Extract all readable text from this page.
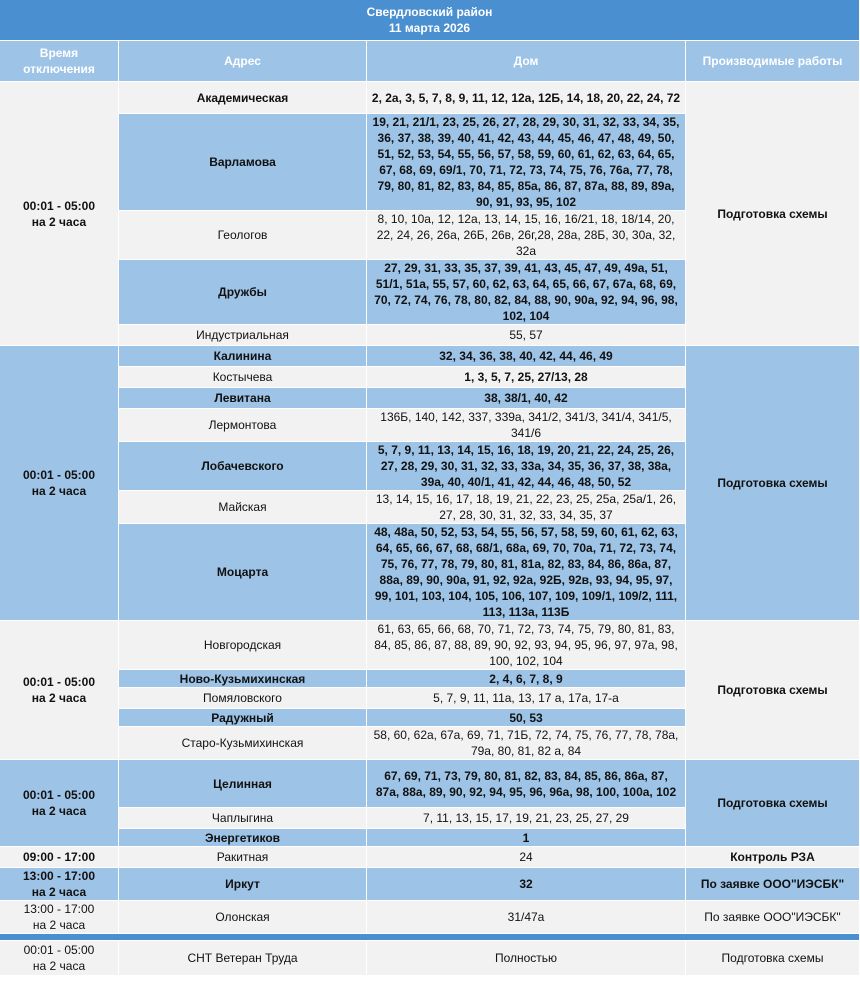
Свердловский район
11 марта 2026			

Время отключения	Адрес	Дом	Производимые работы

00:01 - 05:00
на 2 часа	Академическая	2, 2а, 3, 5, 7, 8, 9, 11, 12, 12а, 12Б, 14, 18, 20, 22, 24, 72	Подготовка схемы
	Варламова	19, 21, 21/1, 23, 25, 26, 27, 28, 29, 30, 31, 32, 33, 34, 35, 36, 37, 38, 39, 40, 41, 42, 43, 44, 45, 46, 47, 48, 49, 50, 51, 52, 53, 54, 55, 56, 57, 58, 59, 60, 61, 62, 63, 64, 65, 67, 68, 69, 69/1, 70, 71, 72, 73, 74, 75, 76, 76а, 77, 78, 79, 80, 81, 82, 83, 84, 85, 85а, 86, 87, 87а, 88, 89, 89а, 90, 91, 93, 95, 102	
	Геологов	8, 10, 10а, 12, 12а, 13, 14, 15, 16, 16/21, 18, 18/14, 20, 22, 24, 26, 26а, 26Б, 26в, 26г,28, 28а, 28Б, 30, 30а, 32, 32а	
	Дружбы	27, 29, 31, 33, 35, 37, 39, 41, 43, 45, 47, 49, 49а, 51, 51/1, 51а, 55, 57, 60, 62, 63, 64, 65, 66, 67, 67а, 68, 69, 70, 72, 74, 76, 78, 80, 82, 84, 88, 90, 90а, 92, 94, 96, 98, 102, 104	
	Индустриальная	55, 57	

00:01 - 05:00
на 2 часа	Калинина	32, 34, 36, 38, 40, 42, 44, 46, 49	Подготовка схемы
	Костычева	1, 3, 5, 7, 25, 27/13, 28	
	Левитана	38, 38/1, 40, 42	
	Лермонтова	136Б, 140, 142, 337, 339а, 341/2, 341/3, 341/4, 341/5, 341/6	
	Лобачевского	5, 7, 9, 11, 13, 14, 15, 16, 18, 19, 20, 21, 22, 24, 25, 26, 27, 28, 29, 30, 31, 32, 33, 33а, 34, 35, 36, 37, 38, 38а, 39а, 40, 40/1, 41, 42, 44, 46, 48, 50, 52	
	Майская	13, 14, 15, 16, 17, 18, 19, 21, 22, 23, 25, 25а, 25а/1, 26, 27, 28, 30, 31, 32, 33, 34, 35, 37	
	Моцарта	48, 48а, 50, 52, 53, 54, 55, 56, 57, 58, 59, 60, 61, 62, 63, 64, 65, 66, 67, 68, 68/1, 68а, 69, 70, 70а, 71, 72, 73, 74, 75, 76, 77, 78, 79, 80, 81, 81а, 82, 83, 84, 86, 86а, 87, 88а, 89, 90, 90а, 91, 92, 92а, 92Б, 92в, 93, 94, 95, 97, 99, 101, 103, 104, 105, 106, 107, 109, 109/1, 109/2, 111, 113, 113а, 113Б	

00:01 - 05:00
на 2 часа	Новгородская	61, 63, 65, 66, 68, 70, 71, 72, 73, 74, 75, 79, 80, 81, 83, 84, 85, 86, 87, 88, 89, 90, 92, 93, 94, 95, 96, 97, 97а, 98, 100, 102, 104	Подготовка схемы
	Ново-Кузьмихинская	2, 4, 6, 7, 8, 9	
	Помяловского	5, 7, 9, 11, 11а, 13, 17 а, 17а, 17-а	
	Радужный	50, 53	
	Старо-Кузьмихинская	58, 60, 62а, 67а, 69, 71, 71Б, 72, 74, 75, 76, 77, 78, 78а, 79а, 80, 81, 82 а, 84	

00:01 - 05:00
на 2 часа	Целинная	67, 69, 71, 73, 79, 80, 81, 82, 83, 84, 85, 86, 86а, 87, 87а, 88а, 89, 90, 92, 94, 95, 96, 96а, 98, 100, 100а, 102	Подготовка схемы
	Чаплыгина	7, 11, 13, 15, 17, 19, 21, 23, 25, 27, 29	
	Энергетиков	1	

09:00 - 17:00	Ракитная	24	Контроль РЗА

13:00 - 17:00
на 2 часа	Иркут	32	По заявке ООО"ИЭСБК"

13:00 - 17:00
на 2 часа	Олонская	31/47а	По заявке ООО"ИЭСБК"

00:01 - 05:00
на 2 часа	СНТ Ветеран Труда	Полностью	Подготовка схемы
